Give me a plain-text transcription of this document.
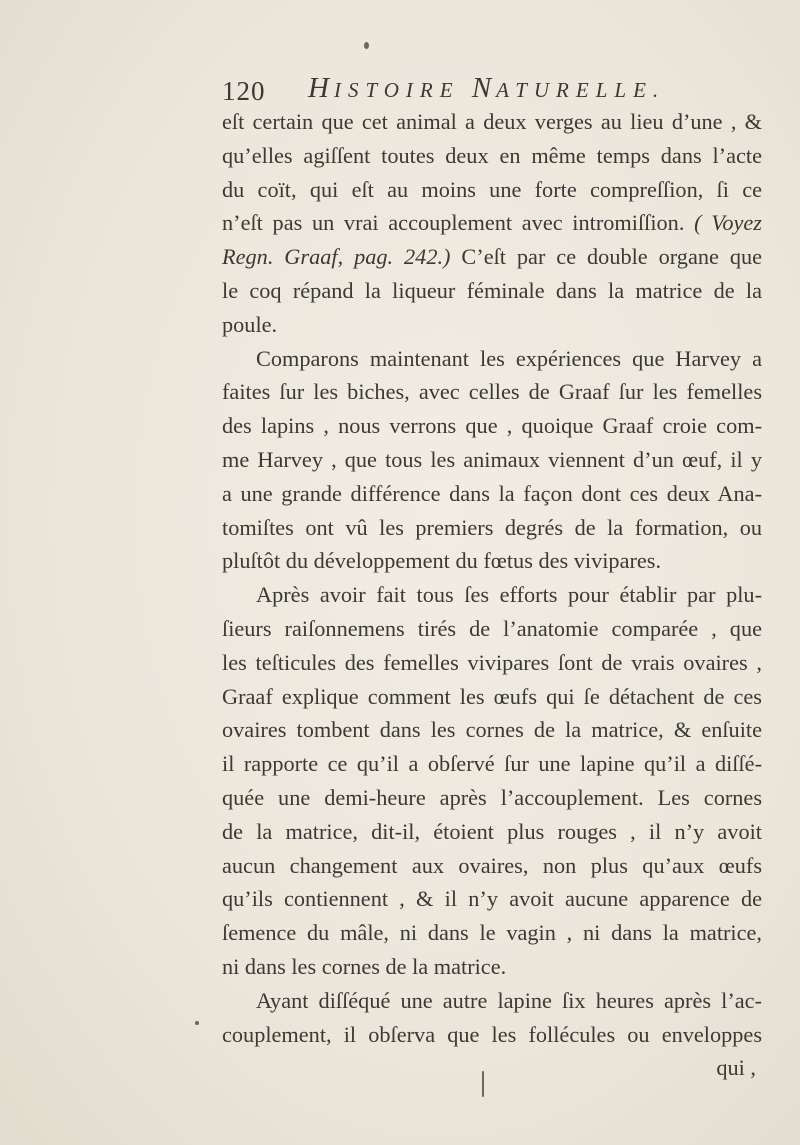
120 HISTOIRE NATURELLE.
eſt certain que cet animal a deux verges au lieu d’une , &
qu’elles agiſſent toutes deux en même temps dans l’acte
du coït, qui eſt au moins une forte compreſſion, ſi ce
n’eſt pas un vrai accouplement avec intromiſſion. ( Voyez
Regn. Graaf, pag. 242.) C’eſt par ce double organe que
le coq répand la liqueur féminale dans la matrice de la
poule.
Comparons maintenant les expériences que Harvey a
faites ſur les biches, avec celles de Graaf ſur les femelles
des lapins , nous verrons que , quoique Graaf croie com-
me Harvey , que tous les animaux viennent d’un œuf, il y
a une grande différence dans la façon dont ces deux Ana-
tomiſtes ont vû les premiers degrés de la formation, ou
pluſtôt du développement du fœtus des vivipares.
Après avoir fait tous ſes efforts pour établir par plu-
ſieurs raiſonnemens tirés de l’anatomie comparée , que
les teſticules des femelles vivipares ſont de vrais ovaires ,
Graaf explique comment les œufs qui ſe détachent de ces
ovaires tombent dans les cornes de la matrice, & enſuite
il rapporte ce qu’il a obſervé ſur une lapine qu’il a diſſé-
quée une demi-heure après l’accouplement. Les cornes
de la matrice, dit-il, étoient plus rouges , il n’y avoit
aucun changement aux ovaires, non plus qu’aux œufs
qu’ils contiennent , & il n’y avoit aucune apparence de
ſemence du mâle, ni dans le vagin , ni dans la matrice,
ni dans les cornes de la matrice.
Ayant diſſéqué une autre lapine ſix heures après l’ac-
couplement, il obſerva que les follécules ou enveloppes
qui ,
